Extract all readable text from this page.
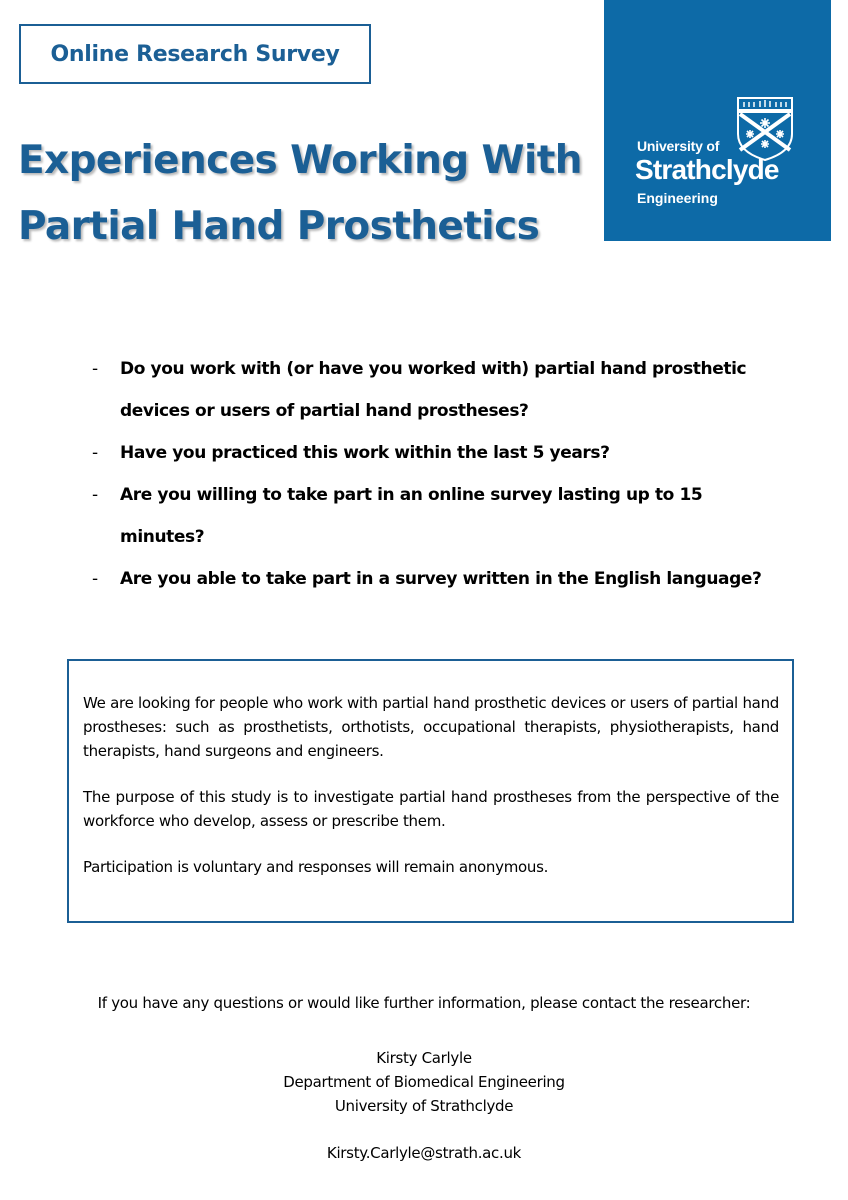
Online Research Survey
Experiences Working With
Partial Hand Prosthetics
University of
Strathclyde
Engineering
- Do you work with (or have you worked with) partial hand prosthetic
devices or users of partial hand prostheses?
- Have you practiced this work within the last 5 years?
- Are you willing to take part in an online survey lasting up to 15
minutes?
- Are you able to take part in a survey written in the English language?

We are looking for people who work with partial hand prosthetic devices or users of partial hand prostheses: such as prosthetists, orthotists, occupational therapists, physiotherapists, hand therapists, hand surgeons and engineers.

The purpose of this study is to investigate partial hand prostheses from the perspective of the workforce who develop, assess or prescribe them.

Participation is voluntary and responses will remain anonymous.

If you have any questions or would like further information, please contact the researcher:
Kirsty Carlyle
Department of Biomedical Engineering
University of Strathclyde
Kirsty.Carlyle@strath.ac.uk
